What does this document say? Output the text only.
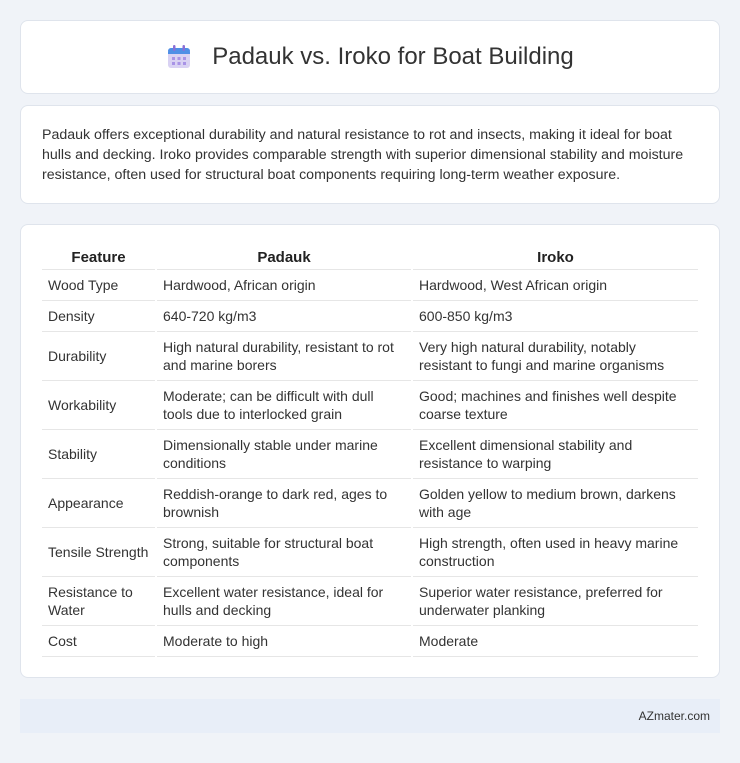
Padauk vs. Iroko for Boat Building

Padauk offers exceptional durability and natural resistance to rot and insects, making it ideal for boat hulls and decking. Iroko provides comparable strength with superior dimensional stability and moisture resistance, often used for structural boat components requiring long-term weather exposure.

Feature	Padauk	Iroko
Wood Type	Hardwood, African origin	Hardwood, West African origin
Density	640-720 kg/m3	600-850 kg/m3
Durability	High natural durability, resistant to rot and marine borers	Very high natural durability, notably resistant to fungi and marine organisms
Workability	Moderate; can be difficult with dull tools due to interlocked grain	Good; machines and finishes well despite coarse texture
Stability	Dimensionally stable under marine conditions	Excellent dimensional stability and resistance to warping
Appearance	Reddish-orange to dark red, ages to brownish	Golden yellow to medium brown, darkens with age
Tensile Strength	Strong, suitable for structural boat components	High strength, often used in heavy marine construction
Resistance to Water	Excellent water resistance, ideal for hulls and decking	Superior water resistance, preferred for underwater planking
Cost	Moderate to high	Moderate
AZmater.com
